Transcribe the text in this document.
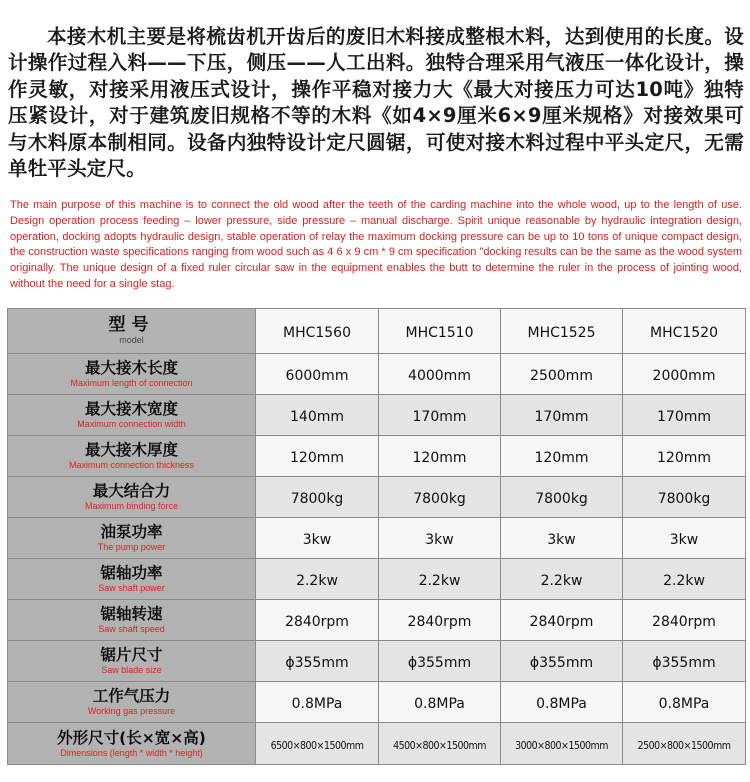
本接木机主要是将梳齿机开齿后的废旧木料接成整根木料，达到使用的长度。设计操作过程入料——下压，侧压——人工出料。独特合理采用气液压一体化设计，操作灵敏，对接采用液压式设计，操作平稳对接力大《最大对接压力可达10吨》独特压紧设计，对于建筑废旧规格不等的木料《如4×9厘米6×9厘米规格》对接效果可与木料原本制相同。设备内独特设计定尺圆锯，可使对接木料过程中平头定尺，无需单牡平头定尺。

The main purpose of this machine is to connect the old wood after the teeth of the carding machine into the whole wood, up to the length of use. Design operation process feeding – lower pressure, side pressure – manual discharge. Spirit unique reasonable by hydraulic integration design, operation, docking adopts hydraulic design, stable operation of relay the maximum docking pressure can be up to 10 tons of unique compact design, the construction waste specifications ranging from wood such as 4 6 x 9 cm * 9 cm specification "docking results can be the same as the wood system originally. The unique design of a fixed ruler circular saw in the equipment enables the butt to determine the ruler in the process of jointing wood, without the need for a single stag.

型号
model	MHC1560	MHC1510	MHC1525	MHC1520

最大接木长度
Maximum length of connection	6000mm	4000mm	2500mm	2000mm

最大接木宽度
Maximum connection width	140mm	170mm	170mm	170mm

最大接木厚度
Maximum connection thickness	120mm	120mm	120mm	120mm

最大结合力
Maximum binding force	7800kg	7800kg	7800kg	7800kg

油泵功率
The pump power	3kw	3kw	3kw	3kw

锯轴功率
Saw shaft power	2.2kw	2.2kw	2.2kw	2.2kw

锯轴转速
Saw shaft speed	2840rpm	2840rpm	2840rpm	2840rpm

锯片尺寸
Saw blade size	ϕ355mm	ϕ355mm	ϕ355mm	ϕ355mm

工作气压力
Working gas pressure	0.8MPa	0.8MPa	0.8MPa	0.8MPa

外形尺寸(长×宽×高)
Dimensions (length * width * height)	6500×800×1500mm	4500×800×1500mm	3000×800×1500mm	2500×800×1500mm
